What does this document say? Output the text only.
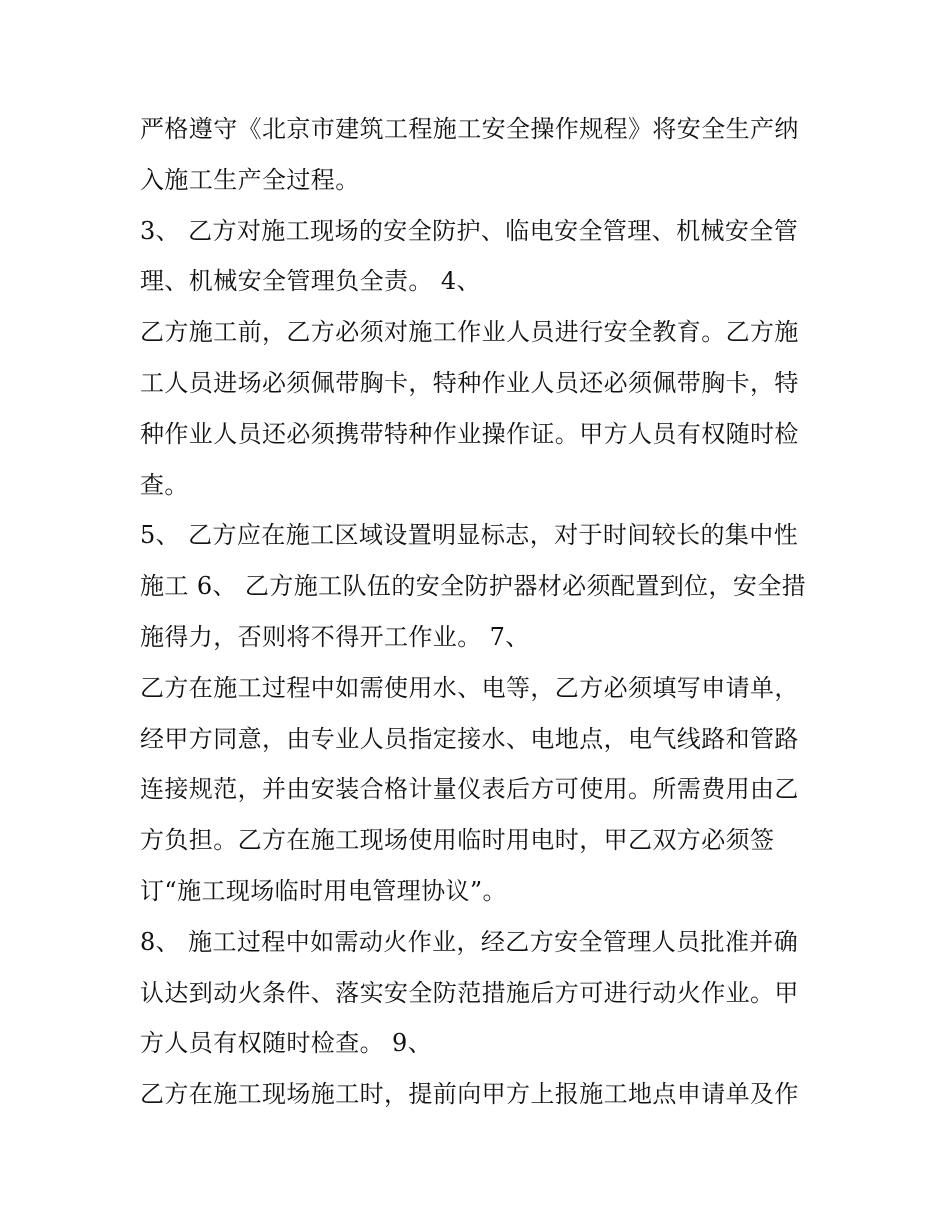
严格遵守《北京市建筑工程施工安全操作规程》将安全生产纳
入施工生产全过程。
3、 乙方对施工现场的安全防护、临电安全管理、机械安全管
理、机械安全管理负全责。 4、
乙方施工前，乙方必须对施工作业人员进行安全教育。乙方施
工人员进场必须佩带胸卡，特种作业人员还必须佩带胸卡，特
种作业人员还必须携带特种作业操作证。甲方人员有权随时检
查。
5、 乙方应在施工区域设置明显标志，对于时间较长的集中性
施工 6、 乙方施工队伍的安全防护器材必须配置到位，安全措
施得力，否则将不得开工作业。 7、
乙方在施工过程中如需使用水、电等，乙方必须填写申请单，
经甲方同意，由专业人员指定接水、电地点，电气线路和管路
连接规范，并由安装合格计量仪表后方可使用。所需费用由乙
方负担。乙方在施工现场使用临时用电时，甲乙双方必须签
订“施工现场临时用电管理协议”。
8、 施工过程中如需动火作业，经乙方安全管理人员批准并确
认达到动火条件、落实安全防范措施后方可进行动火作业。甲
方人员有权随时检查。 9、
乙方在施工现场施工时，提前向甲方上报施工地点申请单及作
